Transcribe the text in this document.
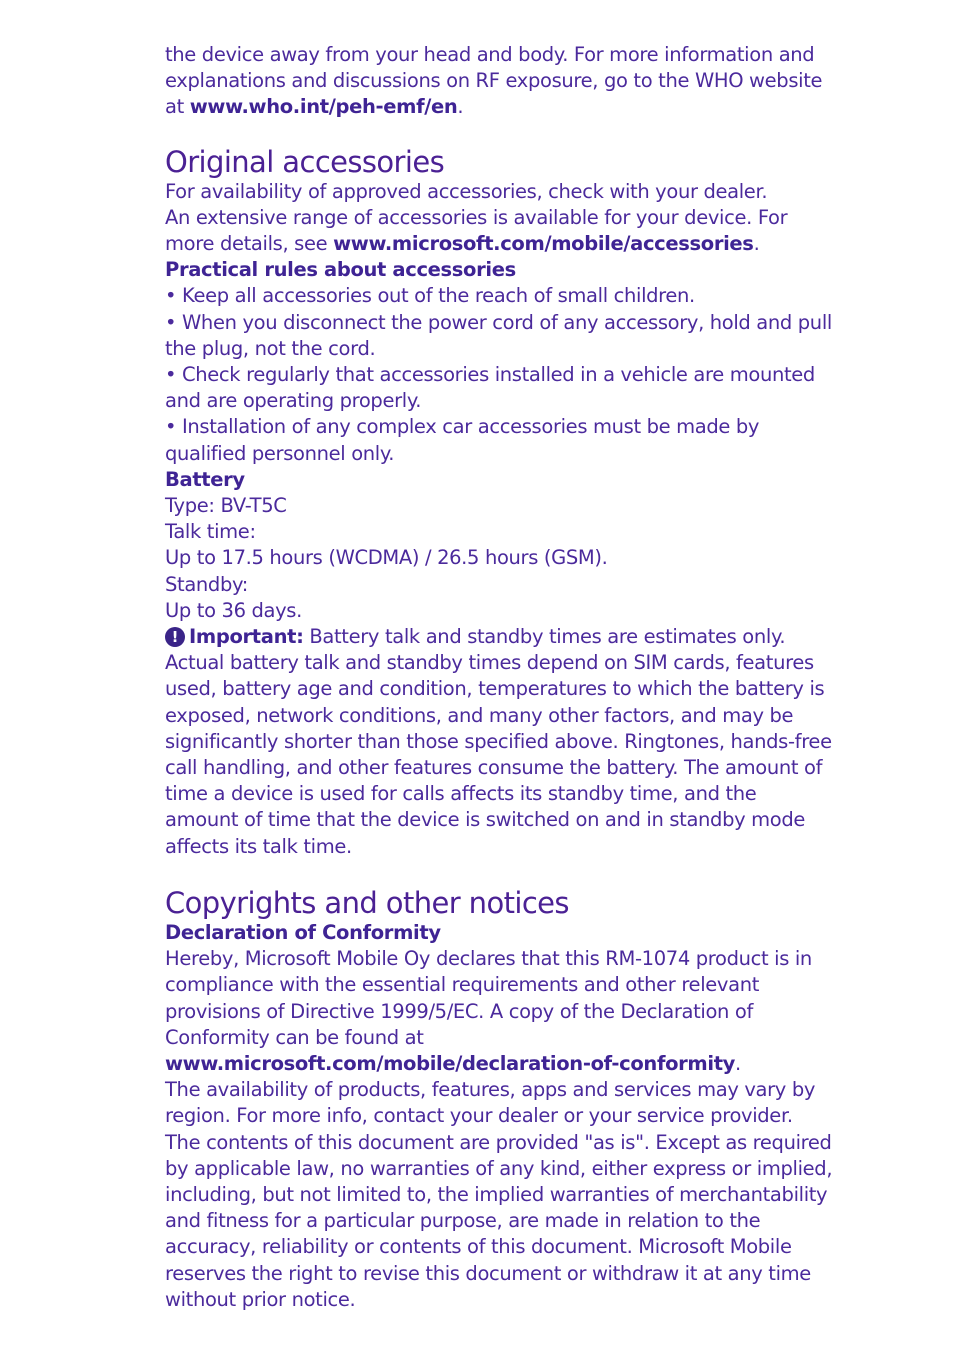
the device away from your head and body. For more information and explanations and discussions on RF exposure, go to the WHO website at www.who.int/peh-emf/en.

Original accessories

For availability of approved accessories, check with your dealer.

An extensive range of accessories is available for your device. For more details, see www.microsoft.com/mobile/accessories.

Practical rules about accessories

• Keep all accessories out of the reach of small children.

• When you disconnect the power cord of any accessory, hold and pull the plug, not the cord.

• Check regularly that accessories installed in a vehicle are mounted and are operating properly.

• Installation of any complex car accessories must be made by qualified personnel only.

Battery

Type: BV-T5C

Talk time:

Up to 17.5 hours (WCDMA) / 26.5 hours (GSM).

Standby:

Up to 36 days.

! Important: Battery talk and standby times are estimates only. Actual battery talk and standby times depend on SIM cards, features used, battery age and condition, temperatures to which the battery is exposed, network conditions, and many other factors, and may be significantly shorter than those specified above. Ringtones, hands-free call handling, and other features consume the battery. The amount of time a device is used for calls affects its standby time, and the amount of time that the device is switched on and in standby mode affects its talk time.

Copyrights and other notices

Declaration of Conformity

Hereby, Microsoft Mobile Oy declares that this RM-1074 product is in compliance with the essential requirements and other relevant provisions of Directive 1999/5/EC. A copy of the Declaration of Conformity can be found at www.microsoft.com/mobile/declaration-of-conformity.

The availability of products, features, apps and services may vary by region. For more info, contact your dealer or your service provider.

The contents of this document are provided "as is". Except as required by applicable law, no warranties of any kind, either express or implied, including, but not limited to, the implied warranties of merchantability and fitness for a particular purpose, are made in relation to the accuracy, reliability or contents of this document. Microsoft Mobile reserves the right to revise this document or withdraw it at any time without prior notice.
